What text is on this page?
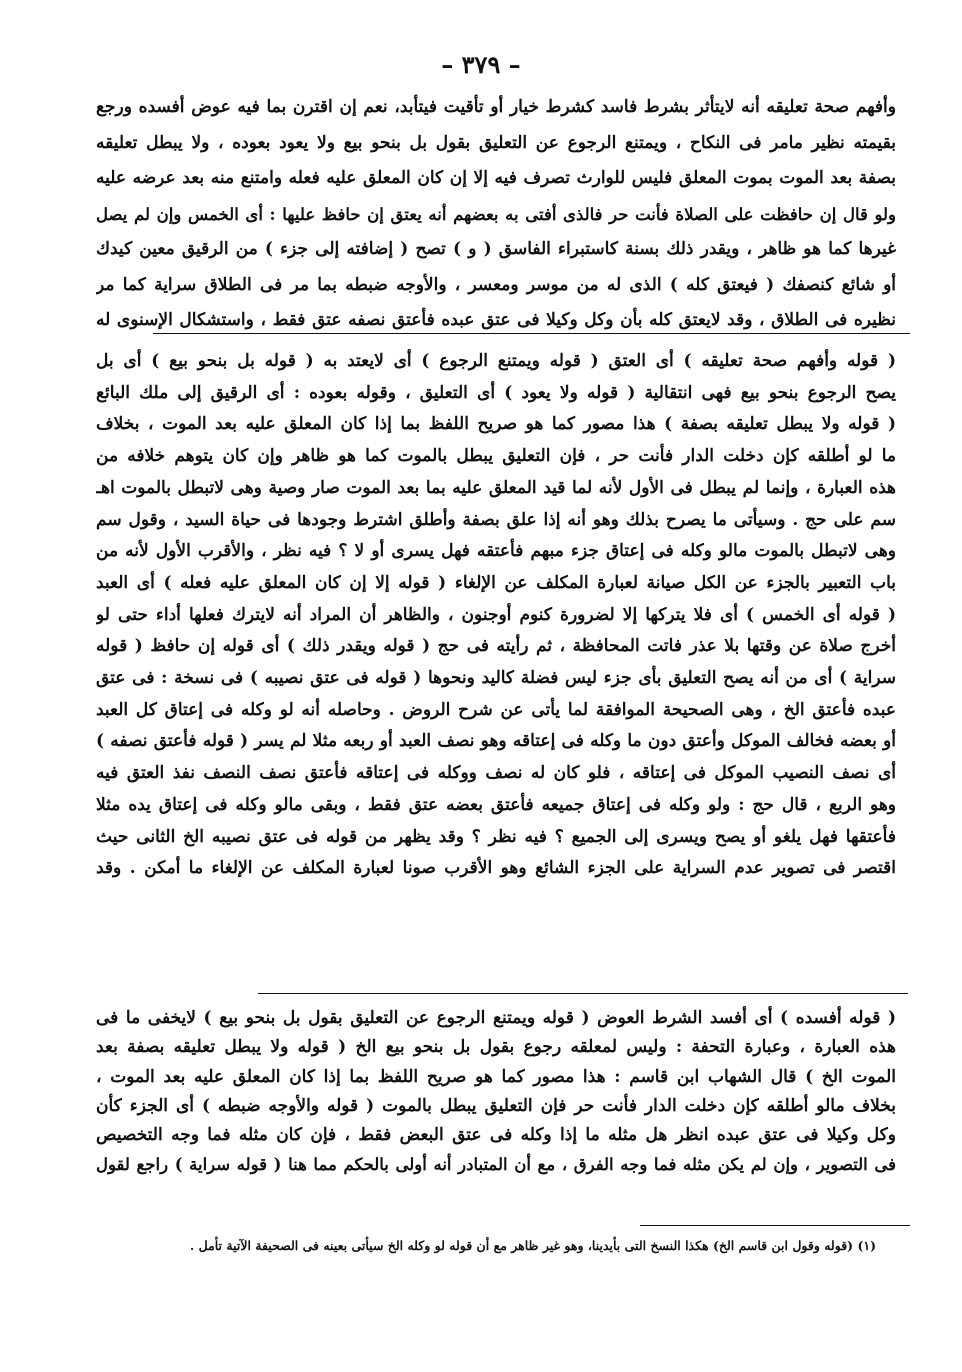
– ٣٧٩ –
وأفهم صحة تعليقه أنه لايتأثر بشرط فاسد كشرط خيار أو تأقيت فيتأبد، نعم إن اقترن بما فيه عوض أفسده ورجع
بقيمته نظير مامر فى النكاح ، ويمتنع الرجوع عن التعليق بقول بل بنحو بيع ولا يعود بعوده ، ولا يبطل تعليقه
بصفة بعد الموت بموت المعلق فليس للوارث تصرف فيه إلا إن كان المعلق عليه فعله وامتنع منه بعد عرضه عليه
ولو قال إن حافظت على الصلاة فأنت حر فالذى أفتى به بعضهم أنه يعتق إن حافظ عليها : أى الخمس وإن لم يصل
غيرها كما هو ظاهر ، ويقدر ذلك بسنة كاستبراء الفاسق ( و ) تصح ( إضافته إلى جزء ) من الرقيق معين كيدك
أو شائع كنصفك ( فيعتق كله ) الذى له من موسر ومعسر ، والأوجه ضبطه بما مر فى الطلاق سراية كما مر
نظيره فى الطلاق ، وقد لايعتق كله بأن وكل وكيلا فى عتق عبده فأعتق نصفه عتق فقط ، واستشكال الإسنوى له
( قوله وأفهم صحة تعليقه ) أى العتق ( قوله ويمتنع الرجوع ) أى لايعتد به ( قوله بل بنحو بيع ) أى بل
يصح الرجوع بنحو بيع فهى انتقالية ( قوله ولا يعود ) أى التعليق ، وقوله بعوده : أى الرقيق إلى ملك البائع
( قوله ولا يبطل تعليقه بصفة ) هذا مصور كما هو صريح اللفظ بما إذا كان المعلق عليه بعد الموت ، بخلاف
ما لو أطلقه كإن دخلت الدار فأنت حر ، فإن التعليق يبطل بالموت كما هو ظاهر وإن كان يتوهم خلافه من
هذه العبارة ، وإنما لم يبطل فى الأول لأنه لما قيد المعلق عليه بما بعد الموت صار وصية وهى لاتبطل بالموت اهـ
سم على حج . وسيأتى ما يصرح بذلك وهو أنه إذا علق بصفة وأطلق اشترط وجودها فى حياة السيد ، وقول سم
وهى لاتبطل بالموت مالو وكله فى إعتاق جزء مبهم فأعتقه فهل يسرى أو لا ؟ فيه نظر ، والأقرب الأول لأنه من
باب التعبير بالجزء عن الكل صيانة لعبارة المكلف عن الإلغاء ( قوله إلا إن كان المعلق عليه فعله ) أى العبد
( قوله أى الخمس ) أى فلا يتركها إلا لضرورة كنوم أوجنون ، والظاهر أن المراد أنه لايترك فعلها أداء حتى لو
أخرج صلاة عن وقتها بلا عذر فاتت المحافظة ، ثم رأيته فى حج ( قوله ويقدر ذلك ) أى قوله إن حافظ ( قوله
سراية ) أى من أنه يصح التعليق بأى جزء ليس فضلة كاليد ونحوها ( قوله فى عتق نصيبه ) فى نسخة : فى عتق
عبده فأعتق الخ ، وهى الصحيحة الموافقة لما يأتى عن شرح الروض . وحاصله أنه لو وكله فى إعتاق كل العبد
أو بعضه فخالف الموكل وأعتق دون ما وكله فى إعتاقه وهو نصف العبد أو ربعه مثلا لم يسر ( قوله فأعتق نصفه )
أى نصف النصيب الموكل فى إعتاقه ، فلو كان له نصف ووكله فى إعتاقه فأعتق نصف النصف نفذ العتق فيه
وهو الربع ، قال حج : ولو وكله فى إعتاق جميعه فأعتق بعضه عتق فقط ، وبقى مالو وكله فى إعتاق يده مثلا
فأعتقها فهل يلغو أو يصح ويسرى إلى الجميع ؟ فيه نظر ؟ وقد يظهر من قوله فى عتق نصيبه الخ الثانى حيث
اقتصر فى تصوير عدم السراية على الجزء الشائع وهو الأقرب صونا لعبارة المكلف عن الإلغاء ما أمكن . وقد
( قوله أفسده ) أى أفسد الشرط العوض ( قوله ويمتنع الرجوع عن التعليق بقول بل بنحو بيع ) لايخفى ما فى
هذه العبارة ، وعبارة التحفة : وليس لمعلقه رجوع بقول بل بنحو بيع الخ ( قوله ولا يبطل تعليقه بصفة بعد
الموت الخ ) قال الشهاب ابن قاسم : هذا مصور كما هو صريح اللفظ بما إذا كان المعلق عليه بعد الموت ،
بخلاف مالو أطلقه كإن دخلت الدار فأنت حر فإن التعليق يبطل بالموت ( قوله والأوجه ضبطه ) أى الجزء كأن
وكل وكيلا فى عتق عبده انظر هل مثله ما إذا وكله فى عتق البعض فقط ، فإن كان مثله فما وجه التخصيص
فى التصوير ، وإن لم يكن مثله فما وجه الفرق ، مع أن المتبادر أنه أولى بالحكم مما هنا ( قوله سراية ) راجع لقول
(١) (قوله وقول ابن قاسم الخ) هكذا النسخ التى بأيدينا، وهو غير ظاهر مع أن قوله لو وكله الخ سيأتى بعينه فى الصحيفة الآتية تأمل .
